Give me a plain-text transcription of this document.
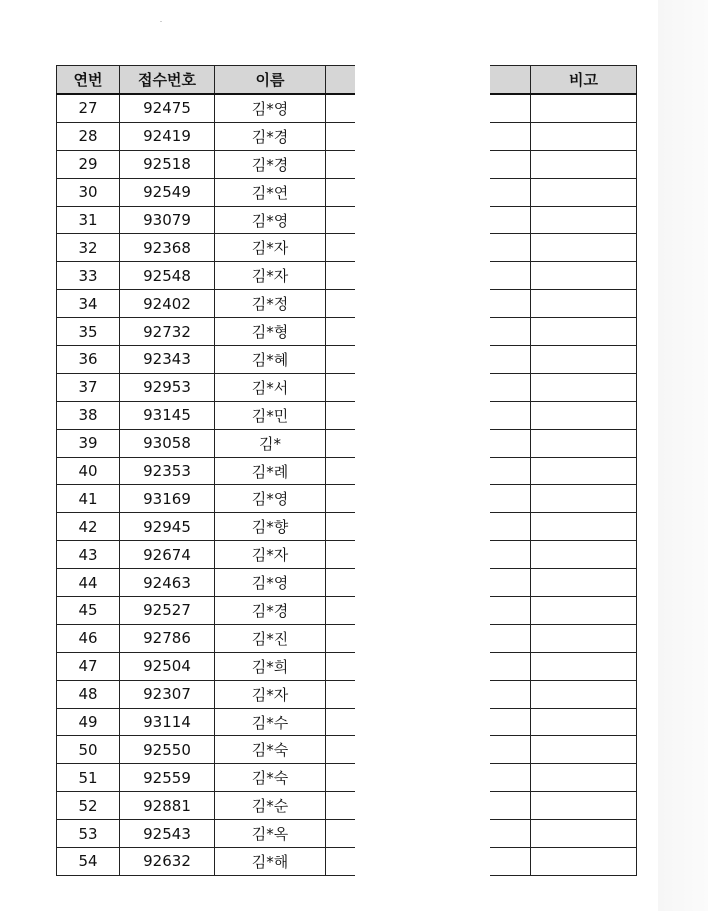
연번	접수번호	이름		비고
27	92475	김*영		
28	92419	김*경		
29	92518	김*경		
30	92549	김*연		
31	93079	김*영		
32	92368	김*자		
33	92548	김*자		
34	92402	김*정		
35	92732	김*형		
36	92343	김*혜		
37	92953	김*서		
38	93145	김*민		
39	93058	김*		
40	92353	김*례		
41	93169	김*영		
42	92945	김*향		
43	92674	김*자		
44	92463	김*영		
45	92527	김*경		
46	92786	김*진		
47	92504	김*희		
48	92307	김*자		
49	93114	김*수		
50	92550	김*숙		
51	92559	김*숙		
52	92881	김*순		
53	92543	김*옥		
54	92632	김*해		
